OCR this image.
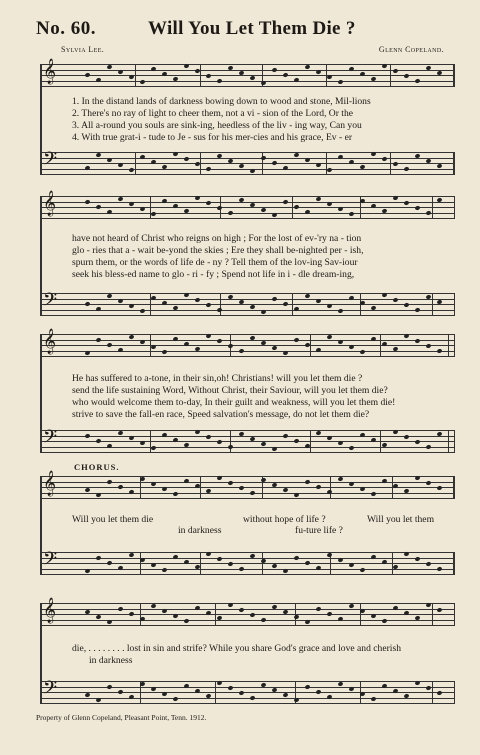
No. 60.	Will You Let Them Die ?
Sylvia Lee.	Glenn Copeland.
𝄞
𝄢
𝄞
𝄢
𝄞
𝄢
𝄞
𝄢
𝄞
𝄢
1. In the distand lands of darkness bowing down to wood and stone, Mil-lions
2. There's no ray of light to cheer them, not a vi - sion of the Lord, Or the
3. All a-round you souls are sink-ing, heedless of the liv - ing way, Can you
4. With true grat-i - tude to Je - sus for his mer-cies and his grace, Ev - er
have not heard of Christ who reigns on high ; For the lost of ev-'ry na - tion
glo - ries that a - wait be-yond the skies ; Ere they shall be-nighted per - ish,
spurn them, or the words of life de - ny ? Tell them of the lov-ing Sav-iour
seek his bless-ed name to glo - ri - fy ; Spend not life in i - dle dream-ing,
He has suffered to a-tone, in their sin,oh! Christians! will you let them die ?
send the life sustaining Word, Without Christ, their Saviour, will you let them die?
who would welcome them to-day, In their guilt and weakness, will you let them die!
strive to save the fall-en race, Speed salvation's message, do not let them die?
CHORUS.
Will you let them die	without hope of life ?	Will you let them
in darkness	fu-ture life ?
die, . . . . . . . . lost in sin and strife? While you share God's grace and love and cherish
in darkness
Property of Glenn Copeland, Pleasant Point, Tenn. 1912.
